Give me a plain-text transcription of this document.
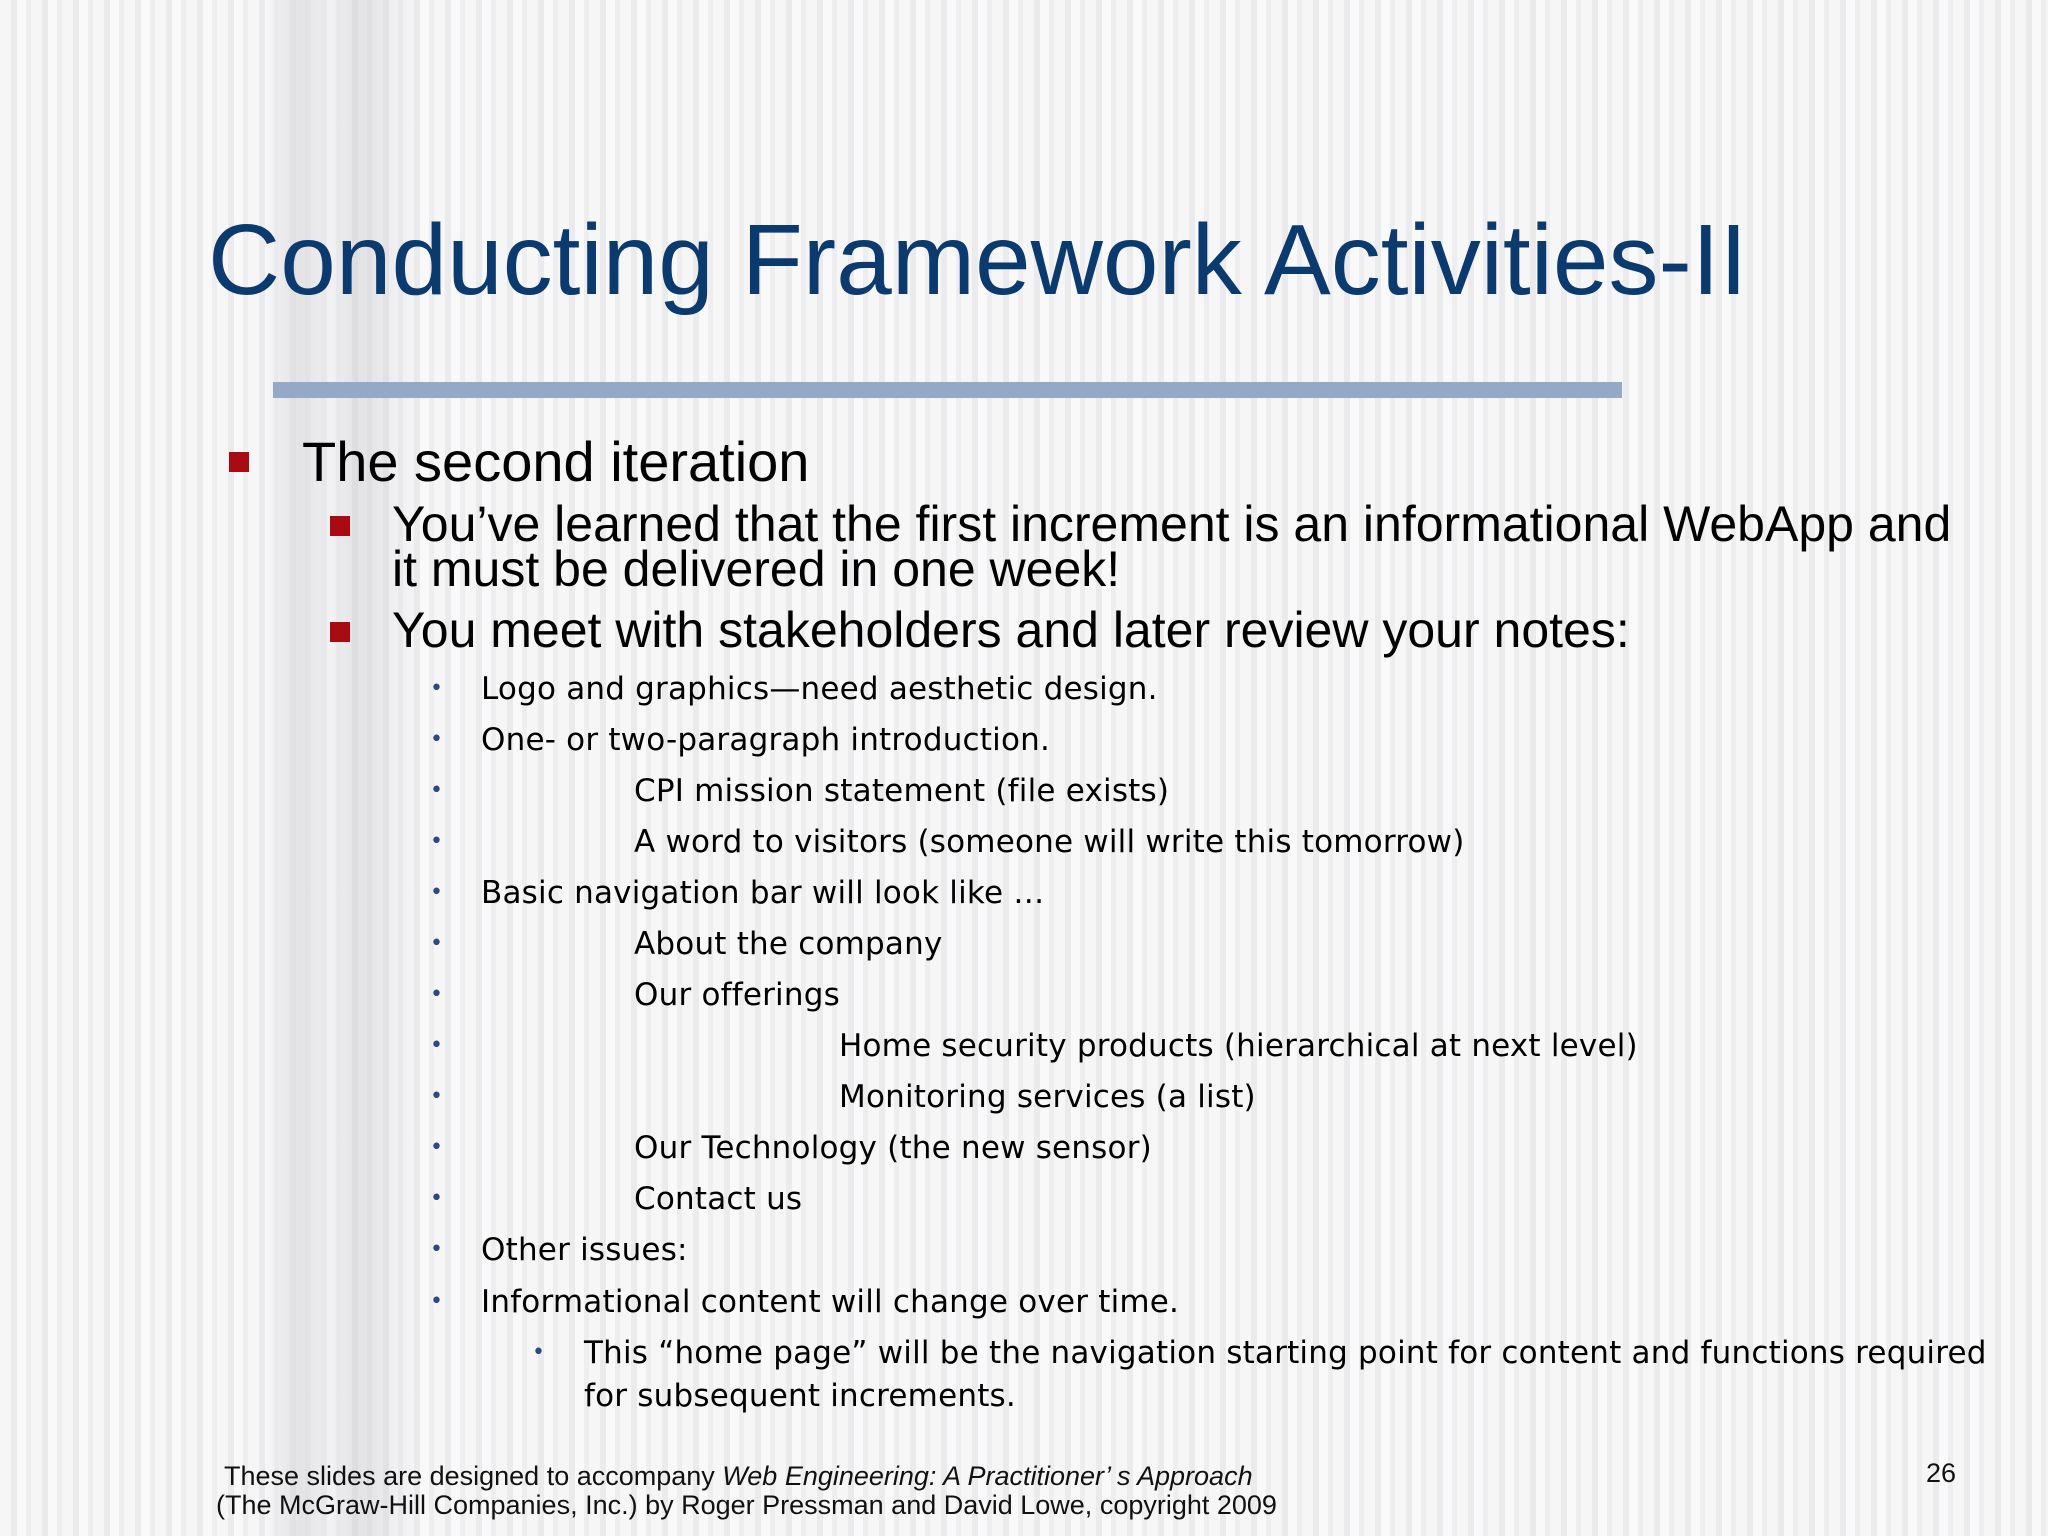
Conducting Framework Activities-II
The second iteration
You’ve learned that the first increment is an informational WebApp and
it must be delivered in one week!
You meet with stakeholders and later review your notes:
• Logo and graphics—need aesthetic design.
• One- or two-paragraph introduction.
•	CPI mission statement (file exists)
•	A word to visitors (someone will write this tomorrow)
• Basic navigation bar will look like …
•	About the company
•	Our offerings
•	Home security products (hierarchical at next level)
•	Monitoring services (a list)
•	Our Technology (the new sensor)
•	Contact us
• Other issues:
• Informational content will change over time.
• This “home page” will be the navigation starting point for content and functions required
for subsequent increments.
These slides are designed to accompany Web Engineering: A Practitioner’ s Approach
(The McGraw-Hill Companies, Inc.) by Roger Pressman and David Lowe, copyright 2009
26
